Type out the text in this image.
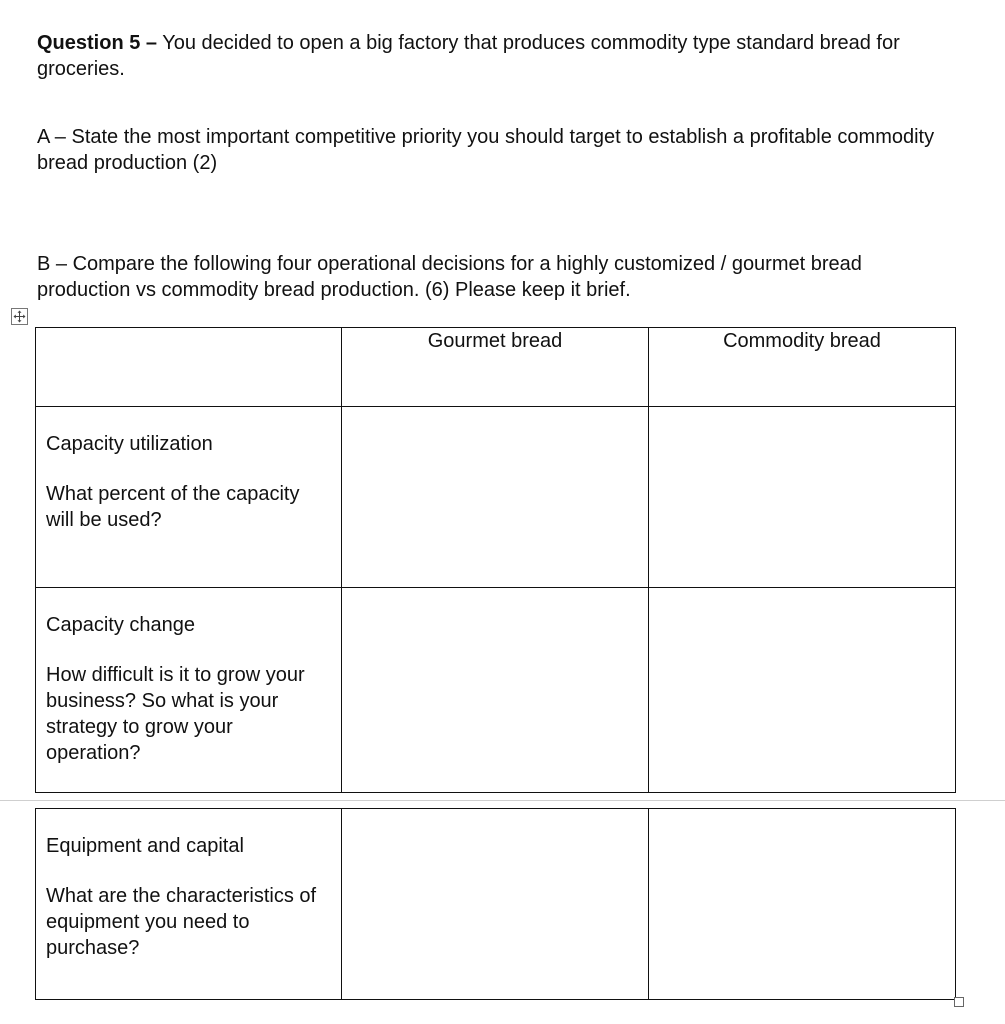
Question 5 – You decided to open a big factory that produces commodity type standard bread for groceries.
A – State the most important competitive priority you should target to establish a profitable commodity bread production (2)
B – Compare the following four operational decisions for a highly customized / gourmet bread production vs commodity bread production. (6) Please keep it brief.
	Gourmet bread	Commodity bread

Capacity utilization
What percent of the capacity will be used?		

Capacity change
How difficult is it to grow your business? So what is your strategy to grow your operation?		

Equipment and capital
What are the characteristics of equipment you need to purchase?
